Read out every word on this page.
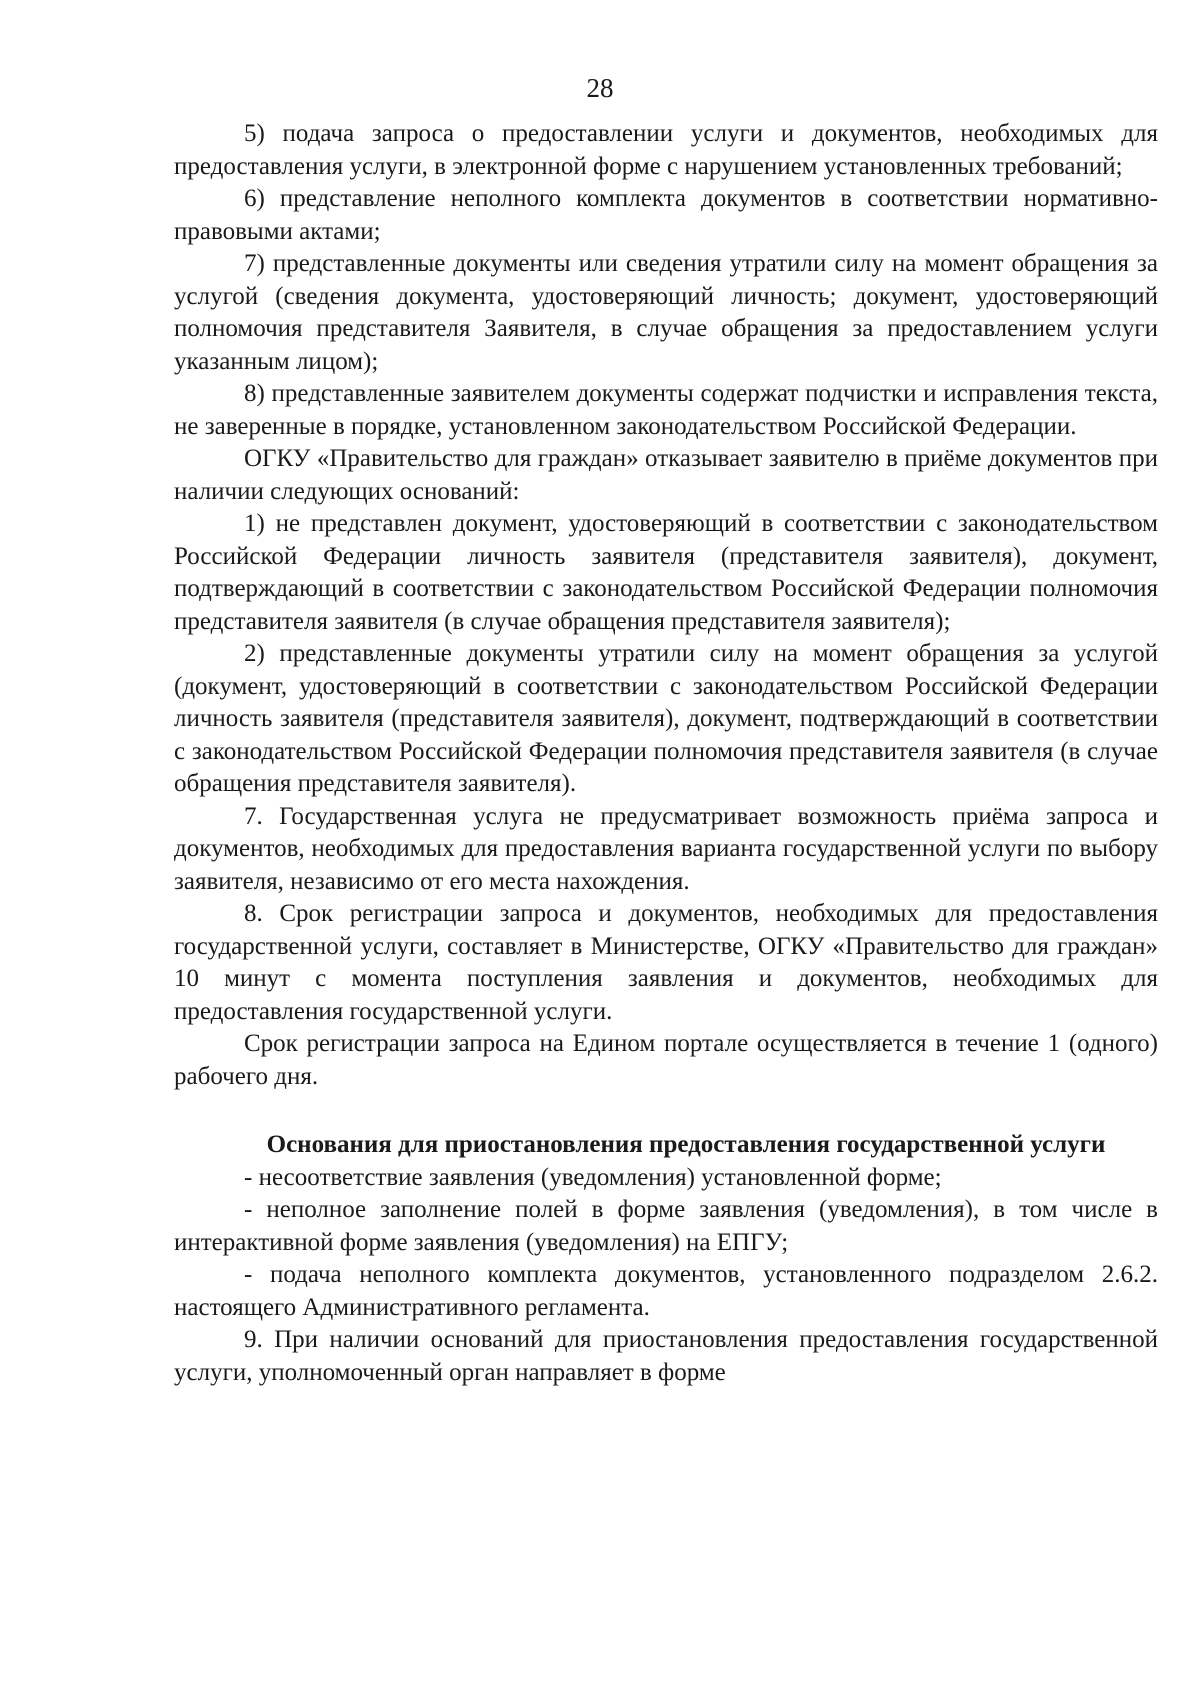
28

5) подача запроса о предоставлении услуги и документов, необходимых для предоставления услуги, в электронной форме с нарушением установленных требований;

6) представление неполного комплекта документов в соответствии нормативно-правовыми актами;

7) представленные документы или сведения утратили силу на момент обращения за услугой (сведения документа, удостоверяющий личность; документ, удостоверяющий полномочия представителя Заявителя, в случае обращения за предоставлением услуги указанным лицом);

8) представленные заявителем документы содержат подчистки и исправления текста, не заверенные в порядке, установленном законодательством Российской Федерации.

ОГКУ «Правительство для граждан» отказывает заявителю в приёме документов при наличии следующих оснований:

1) не представлен документ, удостоверяющий в соответствии с законодательством Российской Федерации личность заявителя (представителя заявителя), документ, подтверждающий в соответствии с законодательством Российской Федерации полномочия представителя заявителя (в случае обращения представителя заявителя);

2) представленные документы утратили силу на момент обращения за услугой (документ, удостоверяющий в соответствии с законодательством Российской Федерации личность заявителя (представителя заявителя), документ, подтверждающий в соответствии с законодательством Российской Федерации полномочия представителя заявителя (в случае обращения представителя заявителя).

7. Государственная услуга не предусматривает возможность приёма запроса и документов, необходимых для предоставления варианта государственной услуги по выбору заявителя, независимо от его места нахождения.

8. Срок регистрации запроса и документов, необходимых для предоставления государственной услуги, составляет в Министерстве, ОГКУ «Правительство для граждан» 10 минут с момента поступления заявления и документов, необходимых для предоставления государственной услуги.

Срок регистрации запроса на Едином портале осуществляется в течение 1 (одного) рабочего дня.

Основания для приостановления предоставления государственной услуги

- несоответствие заявления (уведомления) установленной форме;

- неполное заполнение полей в форме заявления (уведомления), в том числе в интерактивной форме заявления (уведомления) на ЕПГУ;

- подача неполного комплекта документов, установленного подразделом 2.6.2. настоящего Административного регламента.

9. При наличии оснований для приостановления предоставления государственной услуги, уполномоченный орган направляет в форме
